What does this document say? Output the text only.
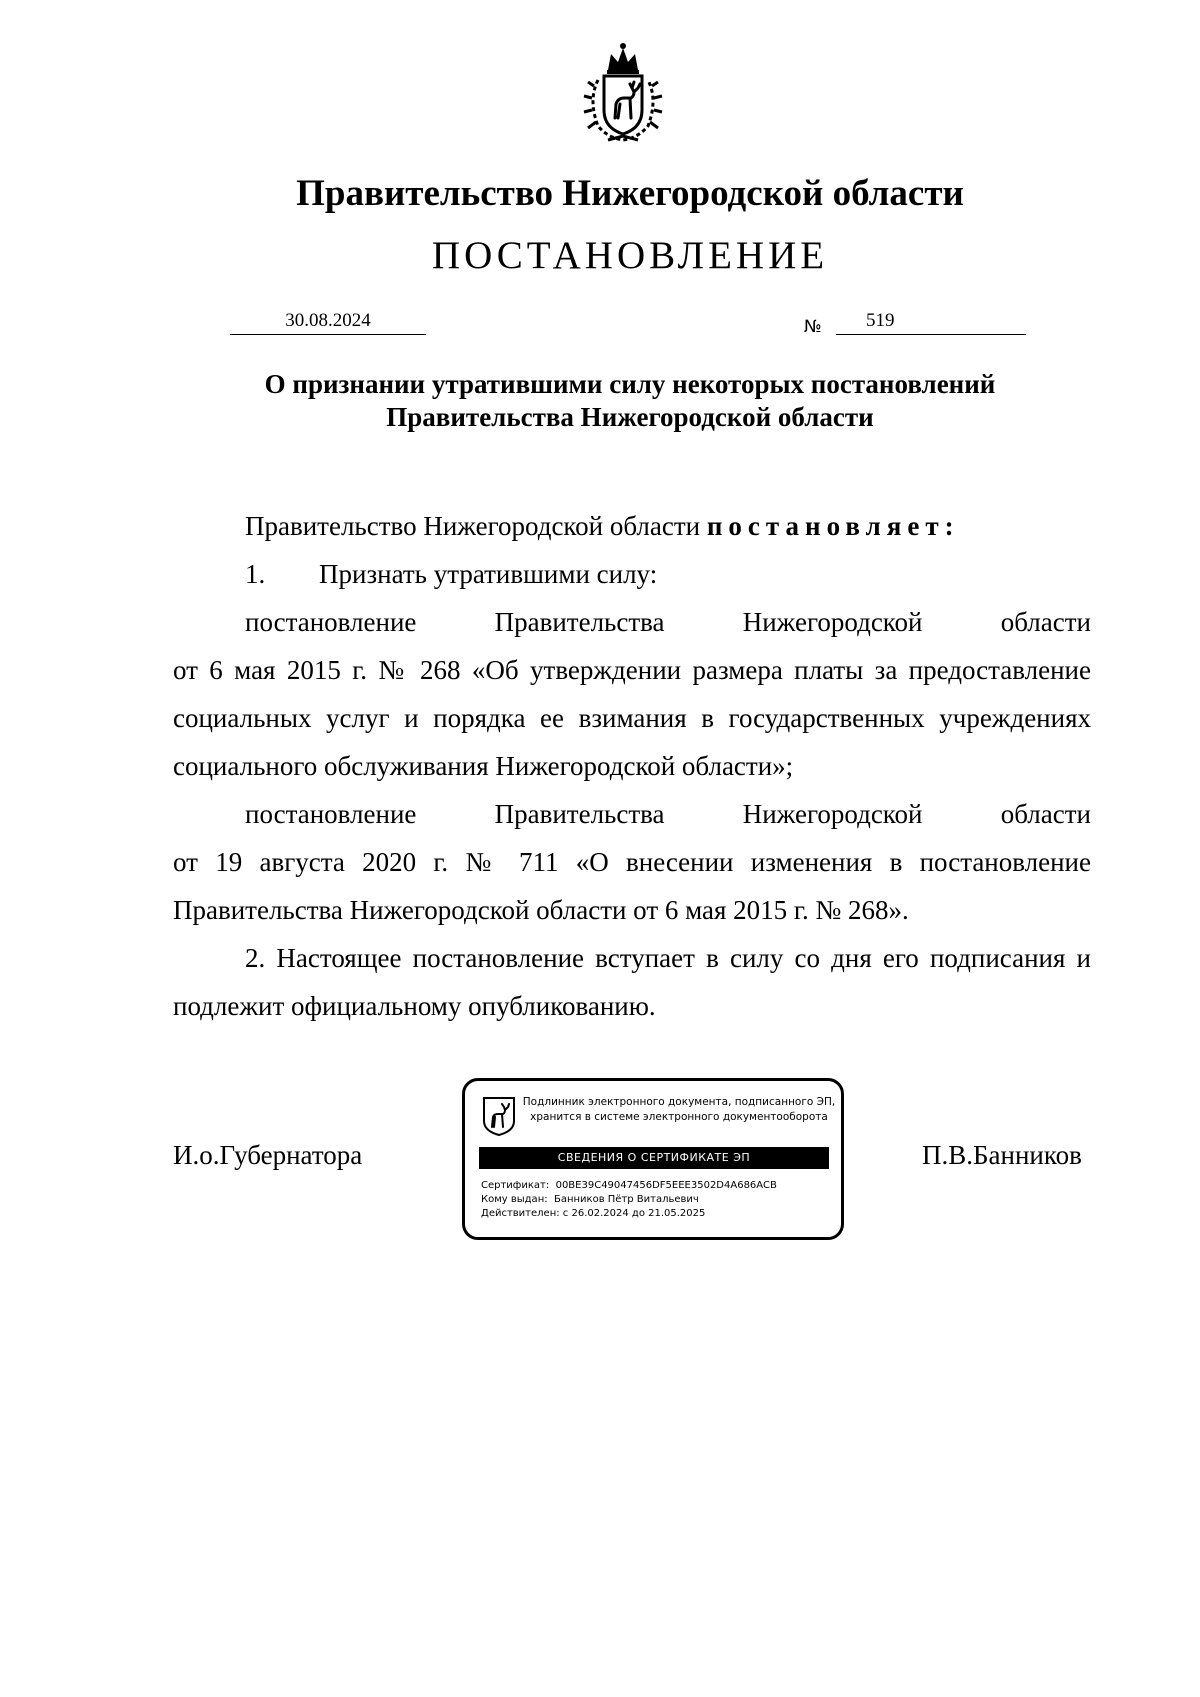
Правительство Нижегородской области
ПОСТАНОВЛЕНИЕ
30.08.2024	№	519
О признании утратившими силу некоторых постановлений
Правительства Нижегородской области

Правительство Нижегородской области постановляет:

1. Признать утратившими силу:

постановление	Правительства	Нижегородской	области

от 6 мая 2015 г. № 268 «Об утверждении размера платы за предоставление социальных услуг и порядка ее взимания в государственных учреждениях социального обслуживания Нижегородской области»;

постановление	Правительства	Нижегородской	области

от 19 августа 2020 г. № 711 «О внесении изменения в постановление Правительства Нижегородской области от 6 мая 2015 г. № 268».

2. Настоящее постановление вступает в силу со дня его подписания и подлежит официальному опубликованию.

И.о.Губернатора	П.В.Банников
Подлинник электронного документа, подписанного ЭП,
хранится в системе электронного документооборота
СВЕДЕНИЯ О СЕРТИФИКАТЕ ЭП
Сертификат: 00BE39C49047456DF5EEE3502D4A686ACB
Кому выдан: Банников Пётр Витальевич
Действителен: с 26.02.2024 до 21.05.2025
